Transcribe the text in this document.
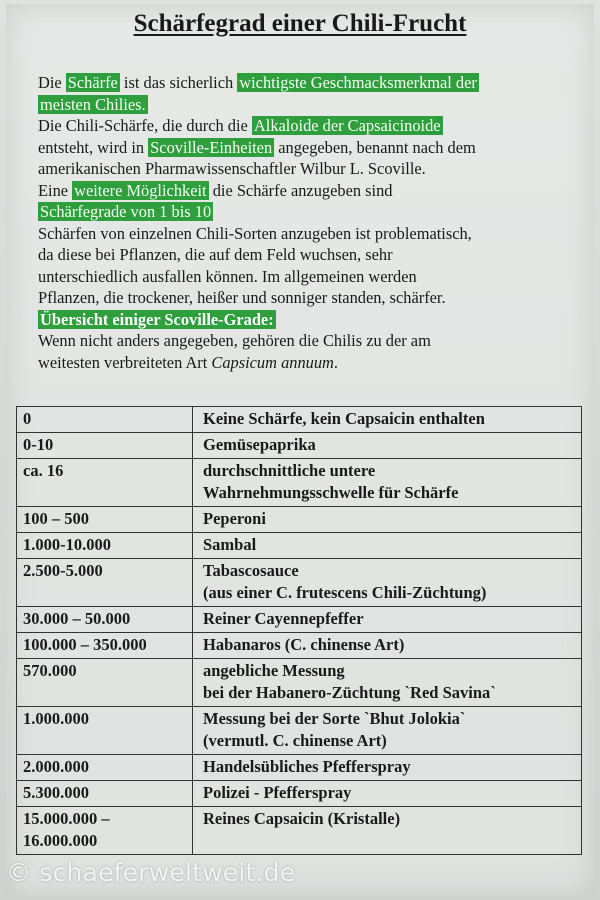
Schärfegrad einer Chili-Frucht

Die Schärfe ist das sicherlich wichtigste Geschmacksmerkmal der

meisten Chilies.

Die Chili-Schärfe, die durch die Alkaloide der Capsaicinoide

entsteht, wird in Scoville-Einheiten angegeben, benannt nach dem

amerikanischen Pharmawissenschaftler Wilbur L. Scoville.

Eine weitere Möglichkeit die Schärfe anzugeben sind

Schärfegrade von 1 bis 10

Schärfen von einzelnen Chili-Sorten anzugeben ist problematisch,

da diese bei Pflanzen, die auf dem Feld wuchsen, sehr

unterschiedlich ausfallen können. Im allgemeinen werden

Pflanzen, die trockener, heißer und sonniger standen, schärfer.

Übersicht einiger Scoville-Grade:

Wenn nicht anders angegeben, gehören die Chilis zu der am

weitesten verbreiteten Art Capsicum annuum.

0	Keine Schärfe, kein Capsaicin enthalten

0-10	Gemüsepaprika

ca. 16	durchschnittliche untere
Wahrnehmungsschwelle für Schärfe

100 – 500	Peperoni

1.000-10.000	Sambal

2.500-5.000	Tabascosauce
(aus einer C. frutescens Chili-Züchtung)

30.000 – 50.000	Reiner Cayennepfeffer

100.000 – 350.000	Habanaros (C. chinense Art)

570.000	angebliche Messung
bei der Habanero-Züchtung `Red Savina`

1.000.000	Messung bei der Sorte `Bhut Jolokia`
(vermutl. C. chinense Art)

2.000.000	Handelsübliches Pfefferspray

5.300.000	Polizei - Pfefferspray

15.000.000 –
16.000.000	Reines Capsaicin (Kristalle)
© schaeferweltweit.de
